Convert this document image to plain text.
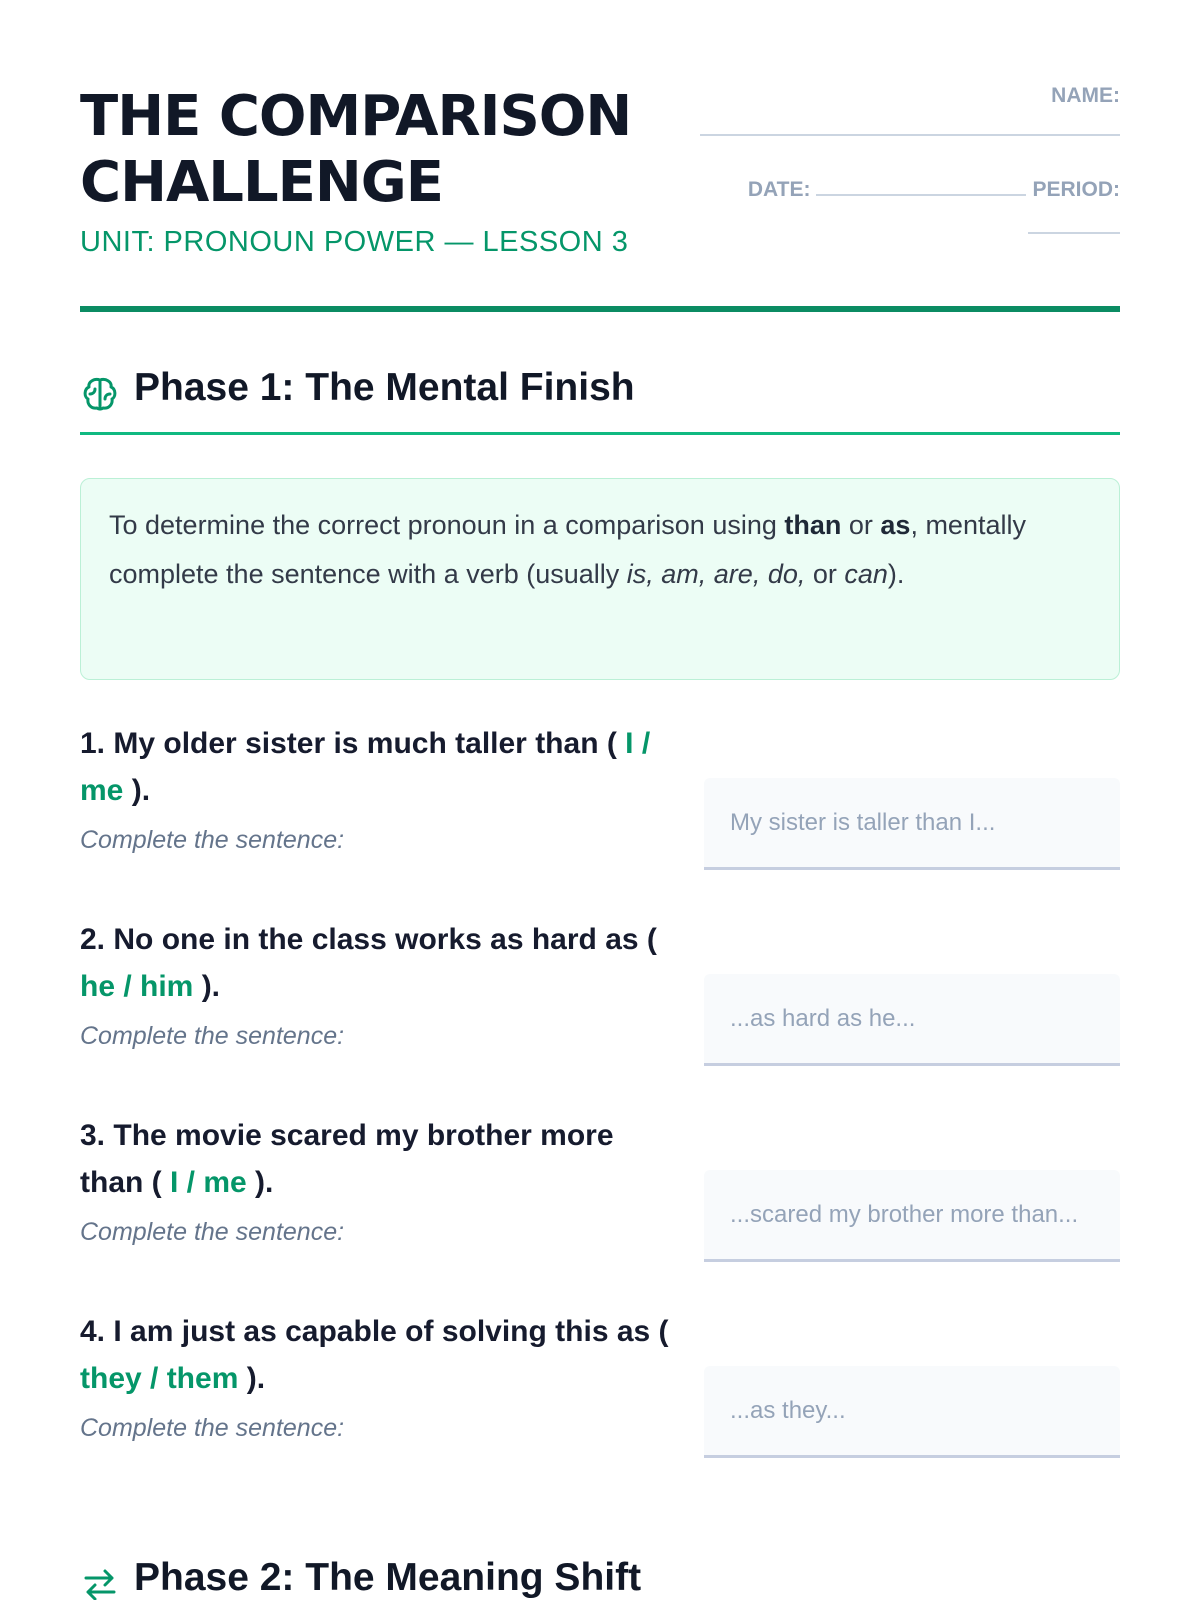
THE COMPARISON CHALLENGE
UNIT: PRONOUN POWER — LESSON 3
NAME:
DATE:	PERIOD:
Phase 1: The Mental Finish
To determine the correct pronoun in a comparison using than or as, mentally complete the sentence with a verb (usually is, am, are, do, or can).
1. My older sister is much taller than ( I / me ).
Complete the sentence:
My sister is taller than I...
2. No one in the class works as hard as ( he / him ).
Complete the sentence:
...as hard as he...
3. The movie scared my brother more than ( I / me ).
Complete the sentence:
...scared my brother more than...
4. I am just as capable of solving this as ( they / them ).
Complete the sentence:
...as they...
Phase 2: The Meaning Shift
